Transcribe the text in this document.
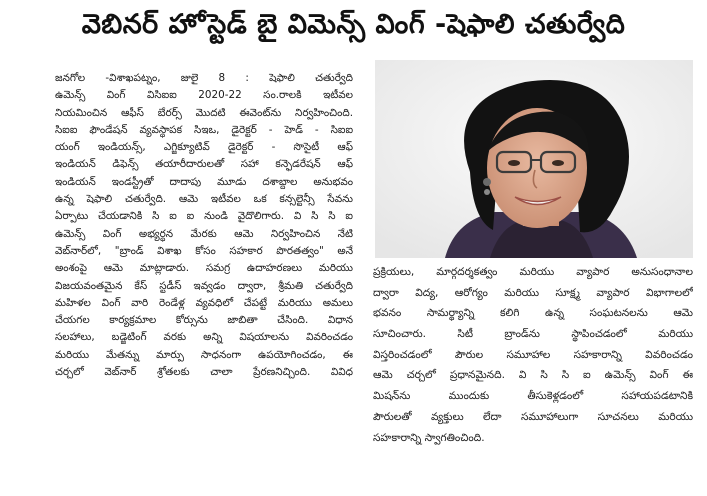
వెబినర్ హోస్టెడ్ బై విమెన్స్ వింగ్ -షెఫాలి చతుర్వేది
జనగోల -విశాఖపట్నం, జులై 8 : షెఫాలి చతుర్వేది
ఉమెన్స్ వింగ్ విసిఐఐ 2020-22 సం.రాలకి ఇటీవల
నియమించిన ఆఫీస్ బేరర్స్ మొదటి ఈవెంట్‌ను నిర్వహించింది.
సిఐఐ ఫౌండేషన్ వ్యవస్థాపక సిఇఒ, డైరెక్టర్ - హెడ్ - సిఐఐ
యంగ్ ఇండియన్స్, ఎగ్జిక్యూటివ్ డైరెక్టర్ - సొసైటీ ఆఫ్
ఇండియన్ డిఫెన్స్ తయారీదారులతో సహా కన్ఫెడరేషన్ ఆఫ్
ఇండియన్ ఇండస్ట్రీతో దాదాపు మూడు దశాబ్దాల అనుభవం
ఉన్న షెఫాలి చతుర్వేది. ఆమె ఇటీవల ఒక కన్సల్టెన్సీ సేవను
ఏర్పాటు చేయడానికి సి ఐ ఐ నుండి వైదొలిగారు. వి సి సి ఐ
ఉమెన్స్ వింగ్ అభ్యర్థన మేరకు ఆమె నిర్వహించిన నేటి
వెబ్‌నార్‌లో, "బ్రాండ్ విశాఖ కోసం సహకార పొరతత్వం" అనే
అంశంపై ఆమె మాట్లాడారు. సమగ్ర ఉదాహరణలు మరియు
విజయవంతమైన కేస్ స్టడీస్ ఇవ్వడం ద్వారా, శ్రీమతి చతుర్వేది
మహిళల వింగ్ వారి రెండేళ్ల వ్యవధిలో చేపట్టే మరియు అమలు
చేయగల కార్యక్రమాల కోర్సును జాబితా చేసింది. విధాన
సలహాలు, బడ్జెటింగ్ వరకు అన్ని విషయాలను వివరించడం
మరియు మేతన్ను మార్పు సాధనంగా ఉపయోగించడం, ఈ
చర్చలో వెబ్‌నార్ శ్రోతలకు చాలా ప్రేరణనిచ్చింది. వివిధ
ప్రక్రియలు, మార్గదర్శకత్వం మరియు వ్యాపార అనుసంధానాల
ద్వారా విద్య, ఆరోగ్యం మరియు సూక్ష్మ వ్యాపార విభాగాలలో
భవనం సామర్థ్యాన్ని కలిగి ఉన్న సంఘటనలను ఆమె
సూచించారు. సిటీ బ్రాండ్‌ను స్థాపించడంలో మరియు
విస్తరించడంలో పౌరుల సమూహాల సహకారాన్ని వివరించడం
ఆమె చర్చలో ప్రధానమైనది. వి సి సి ఐ ఉమెన్స్ వింగ్ ఈ
మిషన్‌ను ముందుకు తీసుకెళ్లడంలో సహాయపడటానికి
పౌరులతో వ్యక్తులు లేదా సమూహాలుగా సూచనలు మరియు
సహకారాన్ని స్వాగతించింది.
